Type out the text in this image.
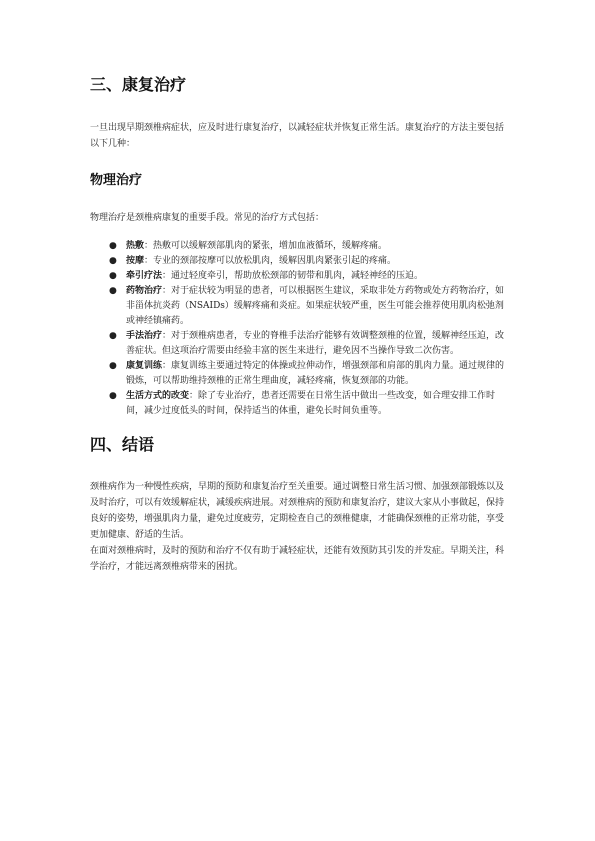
三、康复治疗

一旦出现早期颈椎病症状，应及时进行康复治疗，以减轻症状并恢复正常生活。康复治疗的方法主要包括以下几种：

物理治疗

物理治疗是颈椎病康复的重要手段。常见的治疗方式包括：

● 热敷：热敷可以缓解颈部肌肉的紧张，增加血液循环，缓解疼痛。
● 按摩：专业的颈部按摩可以放松肌肉，缓解因肌肉紧张引起的疼痛。
● 牵引疗法：通过轻度牵引，帮助放松颈部的韧带和肌肉，减轻神经的压迫。
● 药物治疗：对于症状较为明显的患者，可以根据医生建议，采取非处方药物或处方药物治疗，如非甾体抗炎药（NSAIDs）缓解疼痛和炎症。如果症状较严重，医生可能会推荐使用肌肉松弛剂或神经镇痛药。
● 手法治疗：对于颈椎病患者，专业的脊椎手法治疗能够有效调整颈椎的位置，缓解神经压迫，改善症状。但这项治疗需要由经验丰富的医生来进行，避免因不当操作导致二次伤害。
● 康复训练：康复训练主要通过特定的体操或拉伸动作，增强颈部和肩部的肌肉力量。通过规律的锻炼，可以帮助维持颈椎的正常生理曲度，减轻疼痛，恢复颈部的功能。
● 生活方式的改变：除了专业治疗，患者还需要在日常生活中做出一些改变，如合理安排工作时间，减少过度低头的时间，保持适当的体重，避免长时间负重等。
四、结语

颈椎病作为一种慢性疾病，早期的预防和康复治疗至关重要。通过调整日常生活习惯、加强颈部锻炼以及及时治疗，可以有效缓解症状，减缓疾病进展。对颈椎病的预防和康复治疗，建议大家从小事做起，保持良好的姿势，增强肌肉力量，避免过度疲劳，定期检查自己的颈椎健康，才能确保颈椎的正常功能，享受更加健康、舒适的生活。

在面对颈椎病时，及时的预防和治疗不仅有助于减轻症状，还能有效预防其引发的并发症。早期关注，科学治疗，才能远离颈椎病带来的困扰。
